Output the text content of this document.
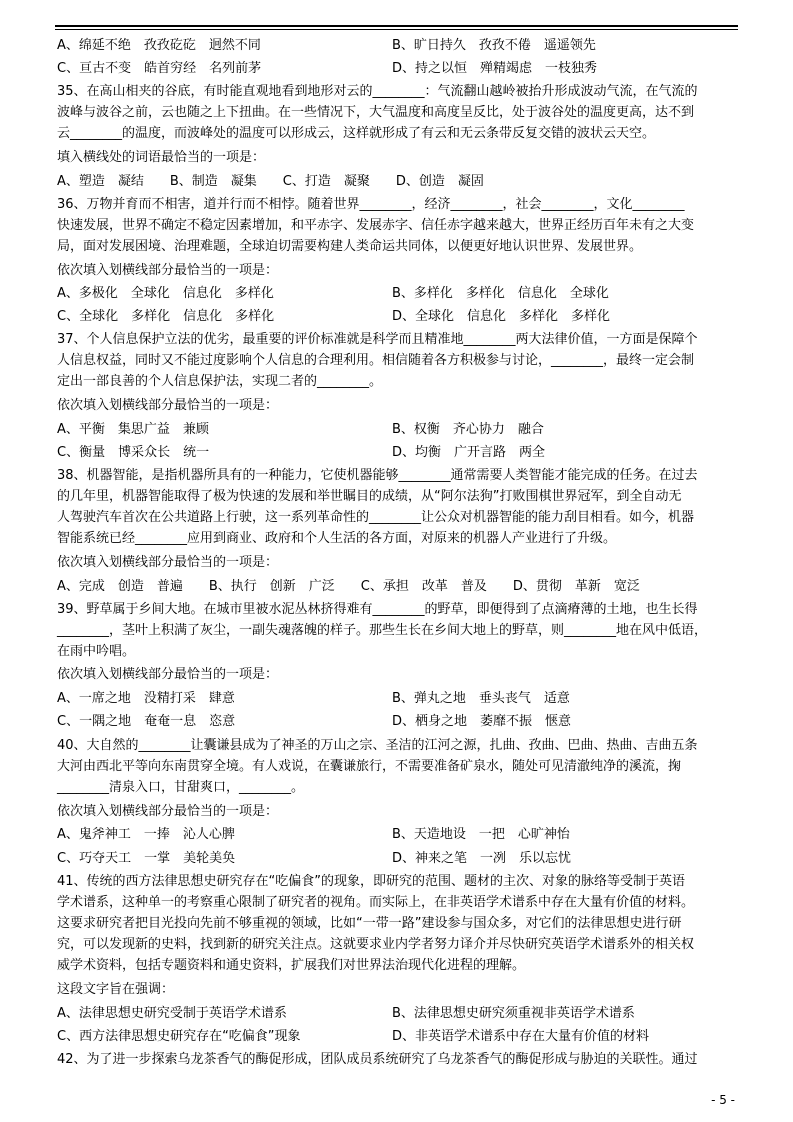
A、绵延不绝　孜孜矻矻　迥然不同	B、旷日持久　孜孜不倦　遥遥领先
C、亘古不变　皓首穷经　名列前茅	D、持之以恒　殚精竭虑　一枝独秀
35、在高山相夹的谷底，有时能直观地看到地形对云的________：气流翻山越岭被抬升形成波动气流，在气流的
波峰与波谷之前，云也随之上下扭曲。在一些情况下，大气温度和高度呈反比，处于波谷处的温度更高，达不到
云________的温度，而波峰处的温度可以形成云，这样就形成了有云和无云条带反复交错的波状云天空。
填入横线处的词语最恰当的一项是：
A、塑造　凝结　　B、制造　凝集　　C、打造　凝聚　　D、创造　凝固
36、万物并育而不相害，道并行而不相悖。随着世界________，经济________，社会________，文化________
快速发展，世界不确定不稳定因素增加，和平赤字、发展赤字、信任赤字越来越大，世界正经历百年未有之大变
局，面对发展困境、治理难题，全球迫切需要构建人类命运共同体，以便更好地认识世界、发展世界。
依次填入划横线部分最恰当的一项是：
A、多极化　全球化　信息化　多样化	B、多样化　多样化　信息化　全球化
C、全球化　多样化　信息化　多样化	D、全球化　信息化　多样化　多样化
37、个人信息保护立法的优劣，最重要的评价标准就是科学而且精准地________两大法律价值，一方面是保障个
人信息权益，同时又不能过度影响个人信息的合理利用。相信随着各方积极参与讨论，________，最终一定会制
定出一部良善的个人信息保护法，实现二者的________。
依次填入划横线部分最恰当的一项是：
A、平衡　集思广益　兼顾	B、权衡　齐心协力　融合
C、衡量　博采众长　统一	D、均衡　广开言路　两全
38、机器智能，是指机器所具有的一种能力，它使机器能够________通常需要人类智能才能完成的任务。在过去
的几年里，机器智能取得了极为快速的发展和举世瞩目的成绩，从“阿尔法狗”打败围棋世界冠军，到全自动无
人驾驶汽车首次在公共道路上行驶，这一系列革命性的________让公众对机器智能的能力刮目相看。如今，机器
智能系统已经________应用到商业、政府和个人生活的各方面，对原来的机器人产业进行了升级。
依次填入划横线部分最恰当的一项是：
A、完成　创造　普遍　　B、执行　创新　广泛　　C、承担　改革　普及　　D、贯彻　革新　宽泛
39、野草属于乡间大地。在城市里被水泥丛林挤得难有________的野草，即便得到了点滴瘠薄的土地，也生长得
________，茎叶上积满了灰尘，一副失魂落魄的样子。那些生长在乡间大地上的野草，则________地在风中低语，
在雨中吟唱。
依次填入划横线部分最恰当的一项是：
A、一席之地　没精打采　肆意	B、弹丸之地　垂头丧气　适意
C、一隅之地　奄奄一息　恣意	D、栖身之地　萎靡不振　惬意
40、大自然的________让囊谦县成为了神圣的万山之宗、圣洁的江河之源，扎曲、孜曲、巴曲、热曲、吉曲五条
大河由西北平等向东南贯穿全境。有人戏说，在囊谦旅行，不需要准备矿泉水，随处可见清澈纯净的溪流，掬
________清泉入口，甘甜爽口，________。
依次填入划横线部分最恰当的一项是：
A、鬼斧神工　一捧　沁人心脾	B、天造地设　一把　心旷神怡
C、巧夺天工　一掌　美轮美奂	D、神来之笔　一冽　乐以忘忧
41、传统的西方法律思想史研究存在“吃偏食”的现象，即研究的范围、题材的主次、对象的脉络等受制于英语
学术谱系，这种单一的考察重心限制了研究者的视角。而实际上，在非英语学术谱系中存在大量有价值的材料。
这要求研究者把目光投向先前不够重视的领域，比如“一带一路”建设参与国众多，对它们的法律思想史进行研
究，可以发现新的史料，找到新的研究关注点。这就要求业内学者努力译介并尽快研究英语学术谱系外的相关权
威学术资料，包括专题资料和通史资料，扩展我们对世界法治现代化进程的理解。
这段文字旨在强调：
A、法律思想史研究受制于英语学术谱系	B、法律思想史研究须重视非英语学术谱系
C、西方法律思想史研究存在“吃偏食”现象	D、非英语学术谱系中存在大量有价值的材料
42、为了进一步探索乌龙茶香气的酶促形成，团队成员系统研究了乌龙茶香气的酶促形成与胁迫的关联性。通过
- 5 -
